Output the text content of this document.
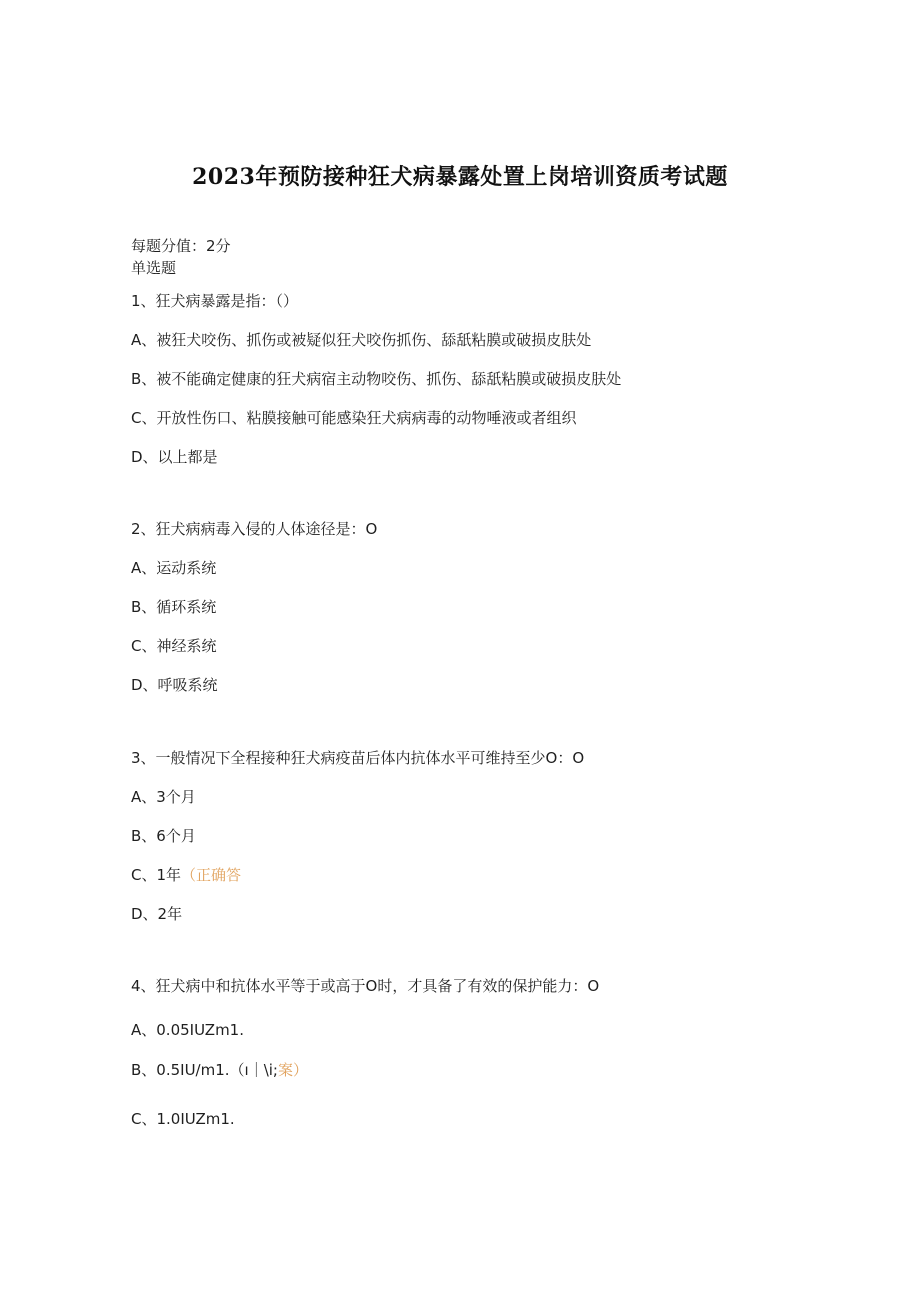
2023年预防接种狂犬病暴露处置上岗培训资质考试题
每题分值：2分
单选题
1、狂犬病暴露是指：（）
A、被狂犬咬伤、抓伤或被疑似狂犬咬伤抓伤、舔舐粘膜或破损皮肤处
B、被不能确定健康的狂犬病宿主动物咬伤、抓伤、舔舐粘膜或破损皮肤处
C、开放性伤口、粘膜接触可能感染狂犬病病毒的动物唾液或者组织
D、以上都是
2、狂犬病病毒入侵的人体途径是：O
A、运动系统
B、循环系统
C、神经系统
D、呼吸系统
3、一般情况下全程接种狂犬病疫苗后体内抗体水平可维持至少O：O
A、3个月
B、6个月
C、1年（正确答
D、2年
4、狂犬病中和抗体水平等于或高于O时，才具备了有效的保护能力：O
A、0.05IUZm1.
B、0.5IU∕m1.（ı｜\i;案）
C、1.0IUZm1.
